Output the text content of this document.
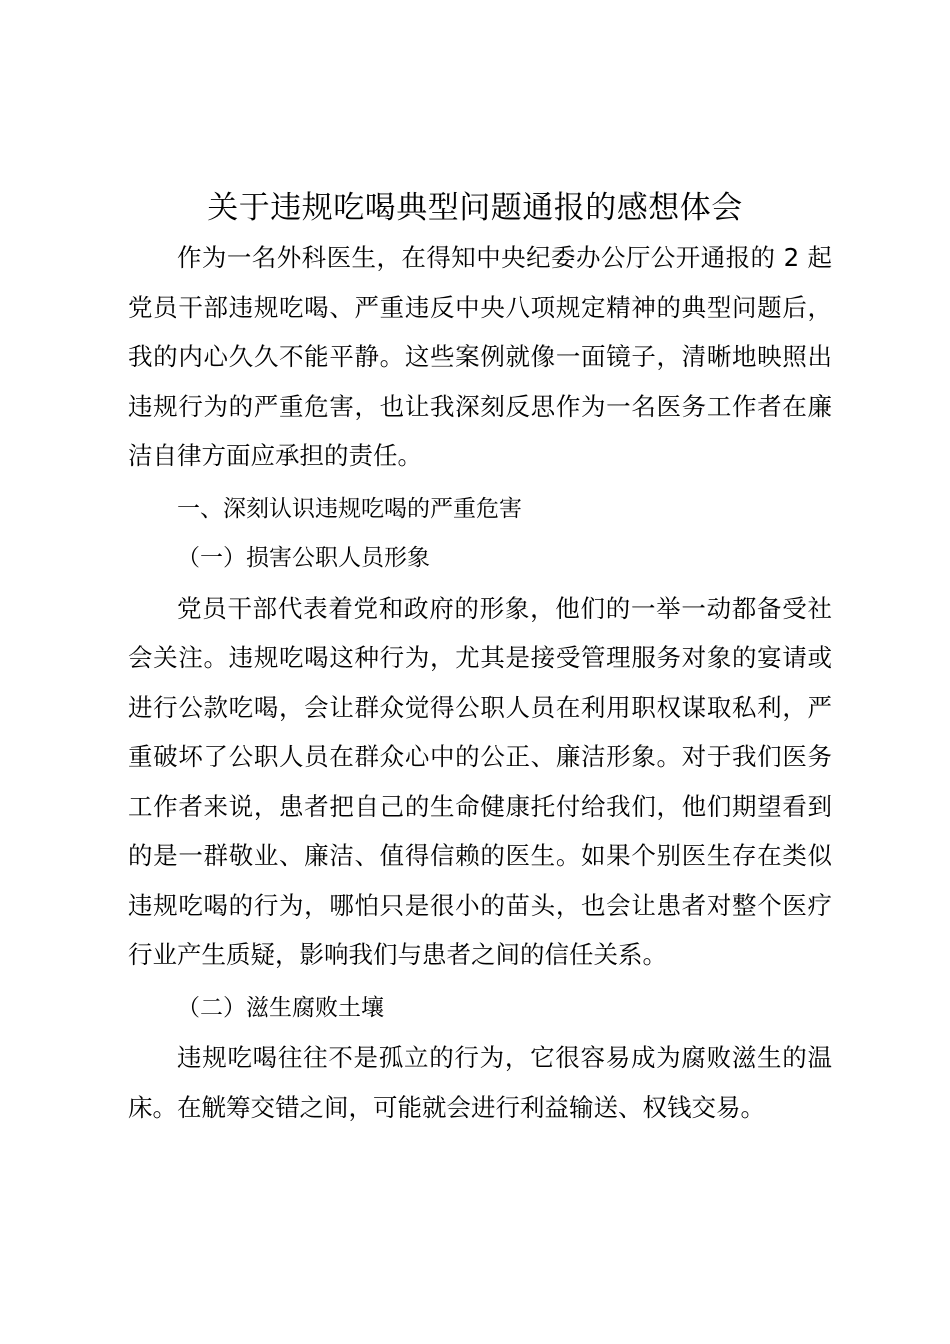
关于违规吃喝典型问题通报的感想体会

作为一名外科医生，在得知中央纪委办公厅公开通报的 2 起党员干部违规吃喝、严重违反中央八项规定精神的典型问题后，我的内心久久不能平静。这些案例就像一面镜子，清晰地映照出违规行为的严重危害，也让我深刻反思作为一名医务工作者在廉洁自律方面应承担的责任。

一、深刻认识违规吃喝的严重危害

（一）损害公职人员形象

党员干部代表着党和政府的形象，他们的一举一动都备受社会关注。违规吃喝这种行为，尤其是接受管理服务对象的宴请或进行公款吃喝，会让群众觉得公职人员在利用职权谋取私利，严重破坏了公职人员在群众心中的公正、廉洁形象。对于我们医务工作者来说，患者把自己的生命健康托付给我们，他们期望看到的是一群敬业、廉洁、值得信赖的医生。如果个别医生存在类似违规吃喝的行为，哪怕只是很小的苗头，也会让患者对整个医疗行业产生质疑，影响我们与患者之间的信任关系。

（二）滋生腐败土壤

违规吃喝往往不是孤立的行为，它很容易成为腐败滋生的温床。在觥筹交错之间，可能就会进行利益输送、权钱交易。
